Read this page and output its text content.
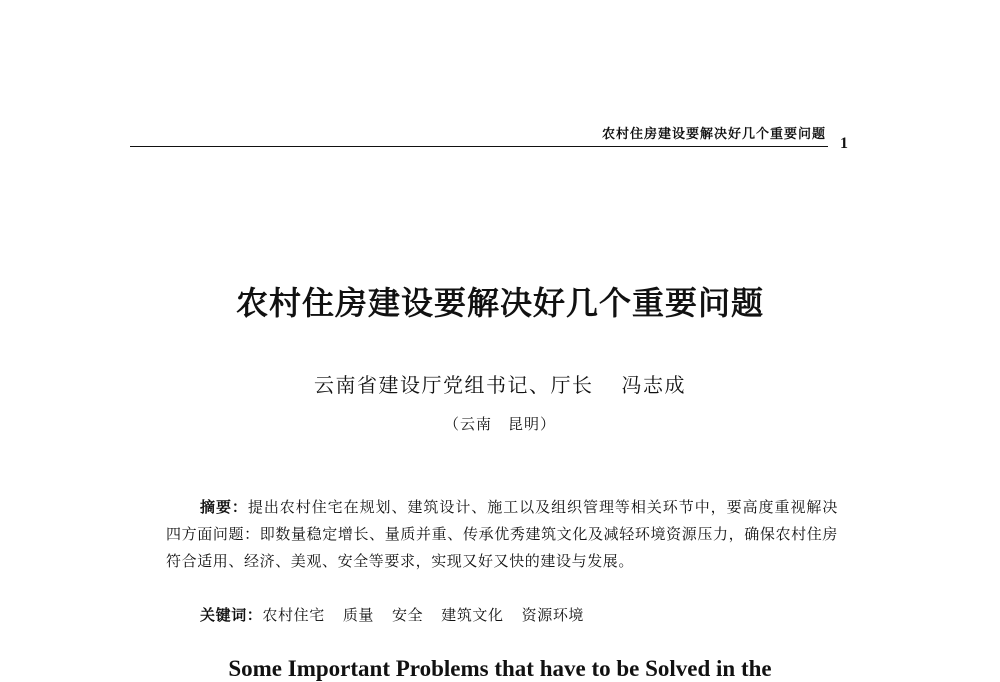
农村住房建设要解决好几个重要问题
1
农村住房建设要解决好几个重要问题
云南省建设厅党组书记、厅长 冯志成
（云南　昆明）
摘要：提出农村住宅在规划、建筑设计、施工以及组织管理等相关环节中，要高度重视解决四方面问题：即数量稳定增长、量质并重、传承优秀建筑文化及减轻环境资源压力，确保农村住房符合适用、经济、美观、安全等要求，实现又好又快的建设与发展。
关键词：农村住宅 质量 安全 建筑文化 资源环境
Some Important Problems that have to be Solved in the
